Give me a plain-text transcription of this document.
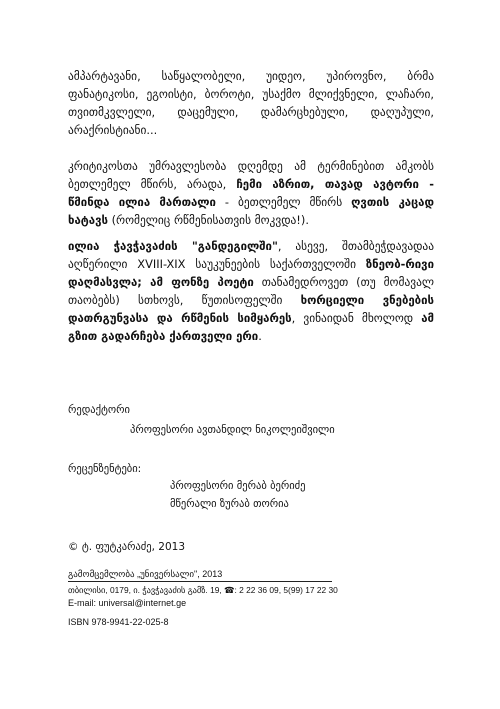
ამპარტავანი, საწყალობელი, უიდეო, უპიროვნო, ბრმა ფანატიკოსი, ეგოისტი, ბოროტი, უსაქმო მლიქვნელი, ლაჩარი, თვითმკვლელი, დაცემული, დამარცხებული, დაღუპული, არაქრისტიანი...

კრიტიკოსთა უმრავლესობა დღემდე ამ ტერმინებით ამკობს ბეთლემელ მწირს, არადა, ჩემი აზრით, თავად ავტორი - წმინდა ილია მართალი - ბეთლემელ მწირს ღვთის კაცად ხატავს (რომელიც რწმენისათვის მოკვდა!).

ილია ჭავჭავაძის "განდეგილში", ასევე, შთამბეჭდავადაა აღწერილი XVIII-XIX საუკუნეების საქართველოში ზნეობ-რივი დაღმასვლა; ამ ფონზე პოეტი თანამედროვეთ (თუ მომავალ თაობებს) სთხოვს, წუთისოფელში ხორციელი ვნებების დათრგუნვასა და რწმენის სიმყარეს, ვინაიდან მხოლოდ ამ გზით გადარჩება ქართველი ერი.

რედაქტორი
პროფესორი ავთანდილ ნიკოლეიშვილი
რეცენზენტები:
პროფესორი მერაბ ბერიძე
მწერალი ზურაბ თორია
© ტ. ფუტკარაძე, 2013
გამომცემლობა „უნივერსალი", 2013
თბილისი, 0179, ი. ჭავჭავაძის გამზ. 19, ☎: 2 22 36 09, 5(99) 17 22 30
E-mail: universal@internet.ge
ISBN 978-9941-22-025-8
